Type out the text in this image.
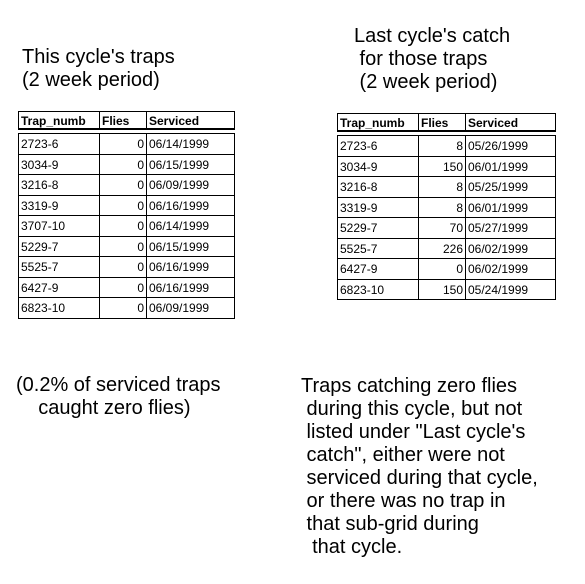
This cycle's traps
(2 week period)
Last cycle's catch
for those traps
(2 week period)
Trap_numb	Flies	Serviced
2723-6	0 06/14/1999
3034-9	0 06/15/1999
3216-8	0 06/09/1999
3319-9	0 06/16/1999
3707-10	0 06/14/1999
5229-7	0 06/15/1999
5525-7	0 06/16/1999
6427-9	0 06/16/1999
6823-10	0 06/09/1999
Trap_numb	Flies	Serviced
2723-6	8 05/26/1999
3034-9	150 06/01/1999
3216-8	8 05/25/1999
3319-9	8 06/01/1999
5229-7	70 05/27/1999
5525-7	226 06/02/1999
6427-9	0 06/02/1999
6823-10	150 05/24/1999
(0.2% of serviced traps
caught zero flies)
Traps catching zero flies
during this cycle, but not
listed under "Last cycle's
catch", either were not
serviced during that cycle,
or there was no trap in
that sub-grid during
that cycle.
